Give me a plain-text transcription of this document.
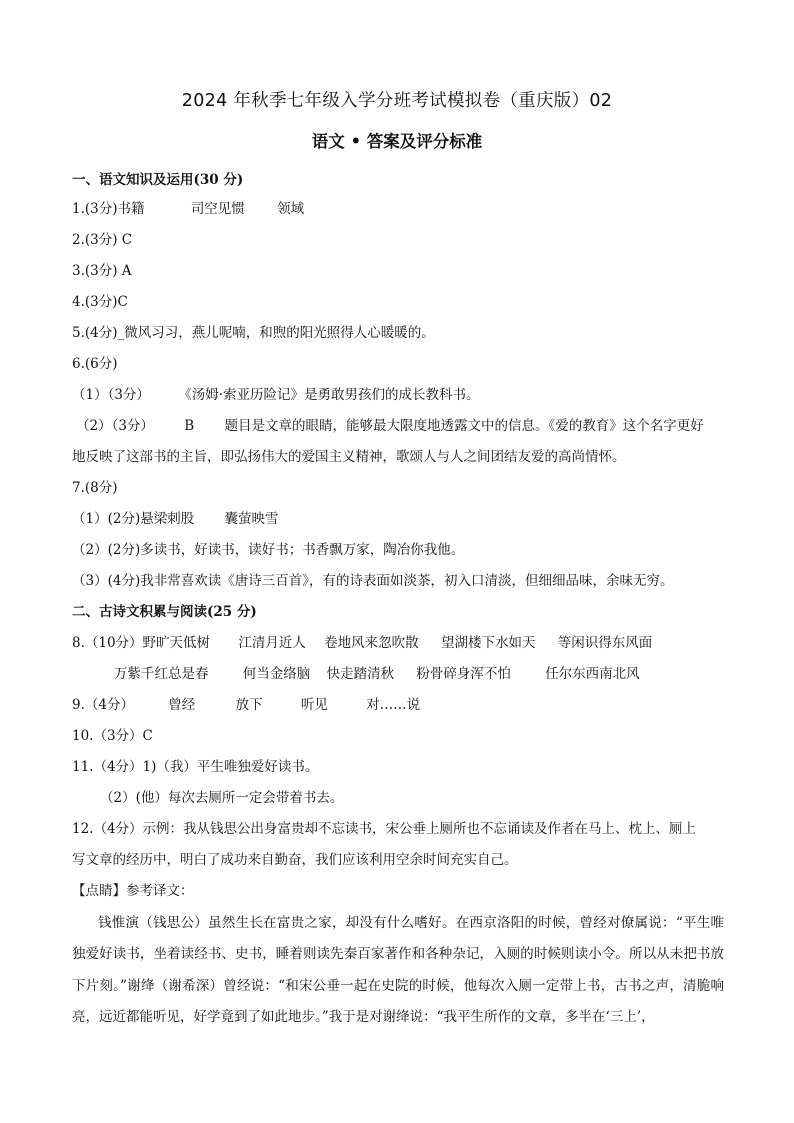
2024 年秋季七年级入学分班考试模拟卷（重庆版）02
语文 • 答案及评分标准
一、语文知识及运用(30 分)
1.(3分)书籍	司空见惯 领域
2.(3分) C
3.(3分) A
4.(3分)C
5.(4分)_微风习习，燕儿呢喃，和煦的阳光照得人心暖暖的。
6.(6分)
（1）（3分） 《汤姆·索亚历险记》是勇敢男孩们的成长教科书。
（2）（3分） B 题目是文章的眼睛，能够最大限度地透露文中的信息。《爱的教育》这个名字更好
地反映了这部书的主旨，即弘扬伟大的爱国主义精神，歌颂人与人之间团结友爱的高尚情怀。
7.(8分)
（1）(2分)悬梁刺股 囊萤映雪
（2）(2分)多读书，好读书，读好书；书香飘万家，陶冶你我他。
（3）(4分)我非常喜欢读《唐诗三百首》，有的诗表面如淡茶，初入口清淡，但细细品味，余味无穷。
二、古诗文积累与阅读(25 分)
8.（10分）野旷天低树 江清月近人 卷地风来忽吹散 望湖楼下水如天 等闲识得东风面
万紫千红总是春	何当金络脑 快走踏清秋 粉骨碎身浑不怕	任尔东西南北风
9.（4分）	曾经	放下	听见	对……说
10.（3分）C
11.（4分）1)（我）平生唯独爱好读书。
（2）(他）每次去厕所一定会带着书去。
12.（4分）示例：我从钱思公出身富贵却不忘读书，宋公垂上厕所也不忘诵读及作者在马上、枕上、厕上
写文章的经历中，明白了成功来自勤奋，我们应该利用空余时间充实自己。
【点睛】参考译文：
钱惟演（钱思公）虽然生长在富贵之家，却没有什么嗜好。在西京洛阳的时候，曾经对僚属说：“平生唯独爱好读书，坐着读经书、史书，睡着则读先秦百家著作和各种杂记，入厕的时候则读小令。所以从未把书放下片刻。”谢绛（谢希深）曾经说：“和宋公垂一起在史院的时候，他每次入厕一定带上书，古书之声，清脆响亮，远近都能听见，好学竟到了如此地步。”我于是对谢绛说：“我平生所作的文章，多半在‘三上’，
